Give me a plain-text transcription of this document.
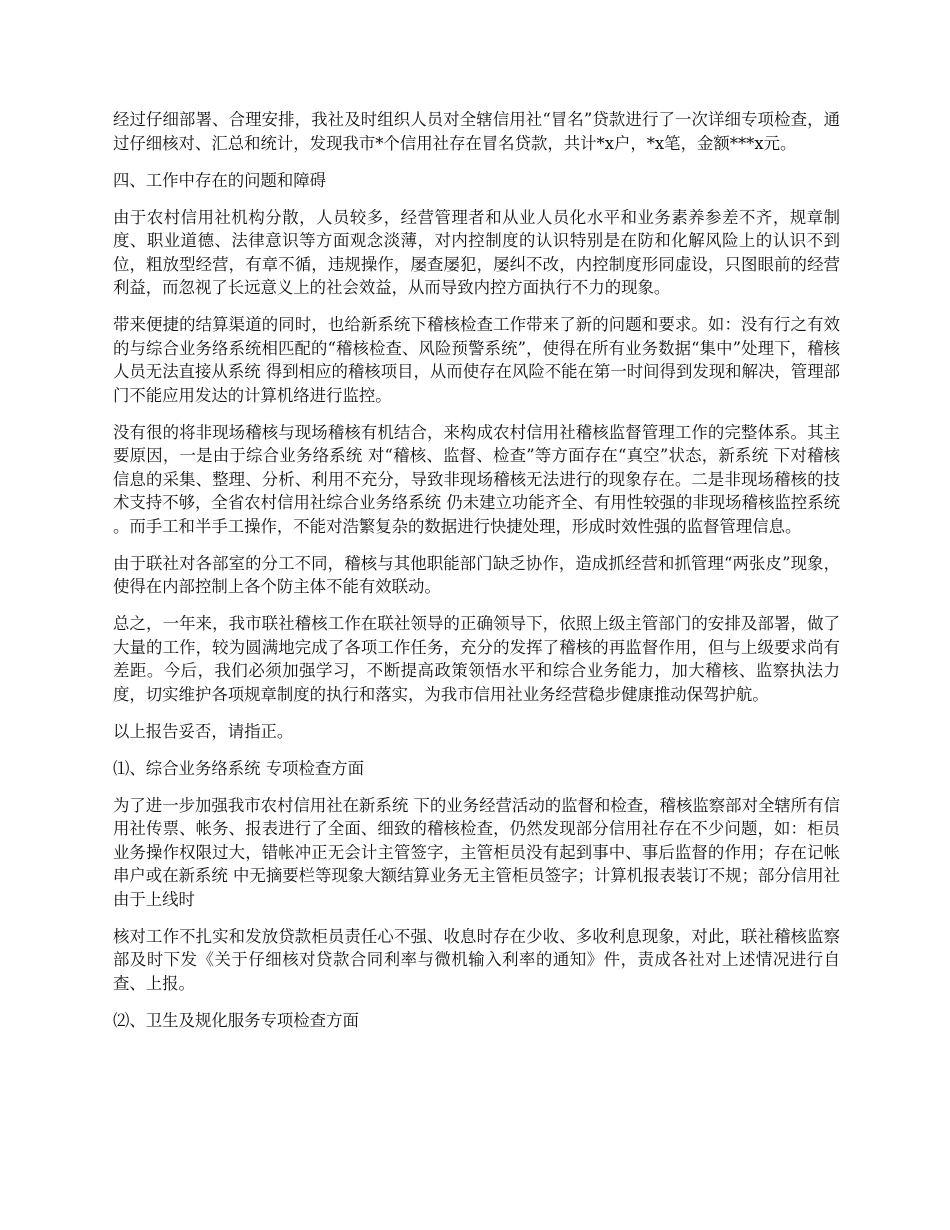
经过仔细部署、合理安排，我社及时组织人员对全辖信用社“冒名”贷款进行了一次详细专项检查，通过仔细核对、汇总和统计，发现我市*个信用社存在冒名贷款，共计*x户，*x笔，金额***x元。

四、工作中存在的问题和障碍

由于农村信用社机构分散，人员较多，经营管理者和从业人员化水平和业务素养参差不齐，规章制度、职业道德、法律意识等方面观念淡薄，对内控制度的认识特别是在防和化解风险上的认识不到位，粗放型经营，有章不循，违规操作，屡查屡犯，屡纠不改，内控制度形同虚设，只图眼前的经营利益，而忽视了长远意义上的社会效益，从而导致内控方面执行不力的现象。

带来便捷的结算渠道的同时，也给新系统下稽核检查工作带来了新的问题和要求。如：没有行之有效的与综合业务络系统相匹配的“稽核检查、风险预警系统”，使得在所有业务数据“集中”处理下，稽核人员无法直接从系统 得到相应的稽核项目，从而使存在风险不能在第一时间得到发现和解决，管理部门不能应用发达的计算机络进行监控。

没有很的将非现场稽核与现场稽核有机结合，来构成农村信用社稽核监督管理工作的完整体系。其主要原因，一是由于综合业务络系统 对“稽核、监督、检查”等方面存在“真空”状态，新系统 下对稽核信息的采集、整理、分析、利用不充分，导致非现场稽核无法进行的现象存在。二是非现场稽核的技术支持不够，全省农村信用社综合业务络系统 仍未建立功能齐全、有用性较强的非现场稽核监控系统 。而手工和半手工操作，不能对浩繁复杂的数据进行快捷处理，形成时效性强的监督管理信息。

由于联社对各部室的分工不同，稽核与其他职能部门缺乏协作，造成抓经营和抓管理“两张皮”现象，使得在内部控制上各个防主体不能有效联动。

总之，一年来，我市联社稽核工作在联社领导的正确领导下，依照上级主管部门的安排及部署，做了大量的工作，较为圆满地完成了各项工作任务，充分的发挥了稽核的再监督作用，但与上级要求尚有差距。今后，我们必须加强学习，不断提高政策领悟水平和综合业务能力，加大稽核、监察执法力度，切实维护各项规章制度的执行和落实，为我市信用社业务经营稳步健康推动保驾护航。

以上报告妥否，请指正。

⑴、综合业务络系统 专项检查方面

为了进一步加强我市农村信用社在新系统 下的业务经营活动的监督和检查，稽核监察部对全辖所有信用社传票、帐务、报表进行了全面、细致的稽核检查，仍然发现部分信用社存在不少问题，如：柜员业务操作权限过大，错帐冲正无会计主管签字，主管柜员没有起到事中、事后监督的作用；存在记帐串户或在新系统 中无摘要栏等现象大额结算业务无主管柜员签字；计算机报表装订不规；部分信用社由于上线时

核对工作不扎实和发放贷款柜员责任心不强、收息时存在少收、多收利息现象，对此，联社稽核监察部及时下发《关于仔细核对贷款合同利率与微机输入利率的通知》件，责成各社对上述情况进行自查、上报。

⑵、卫生及规化服务专项检查方面
